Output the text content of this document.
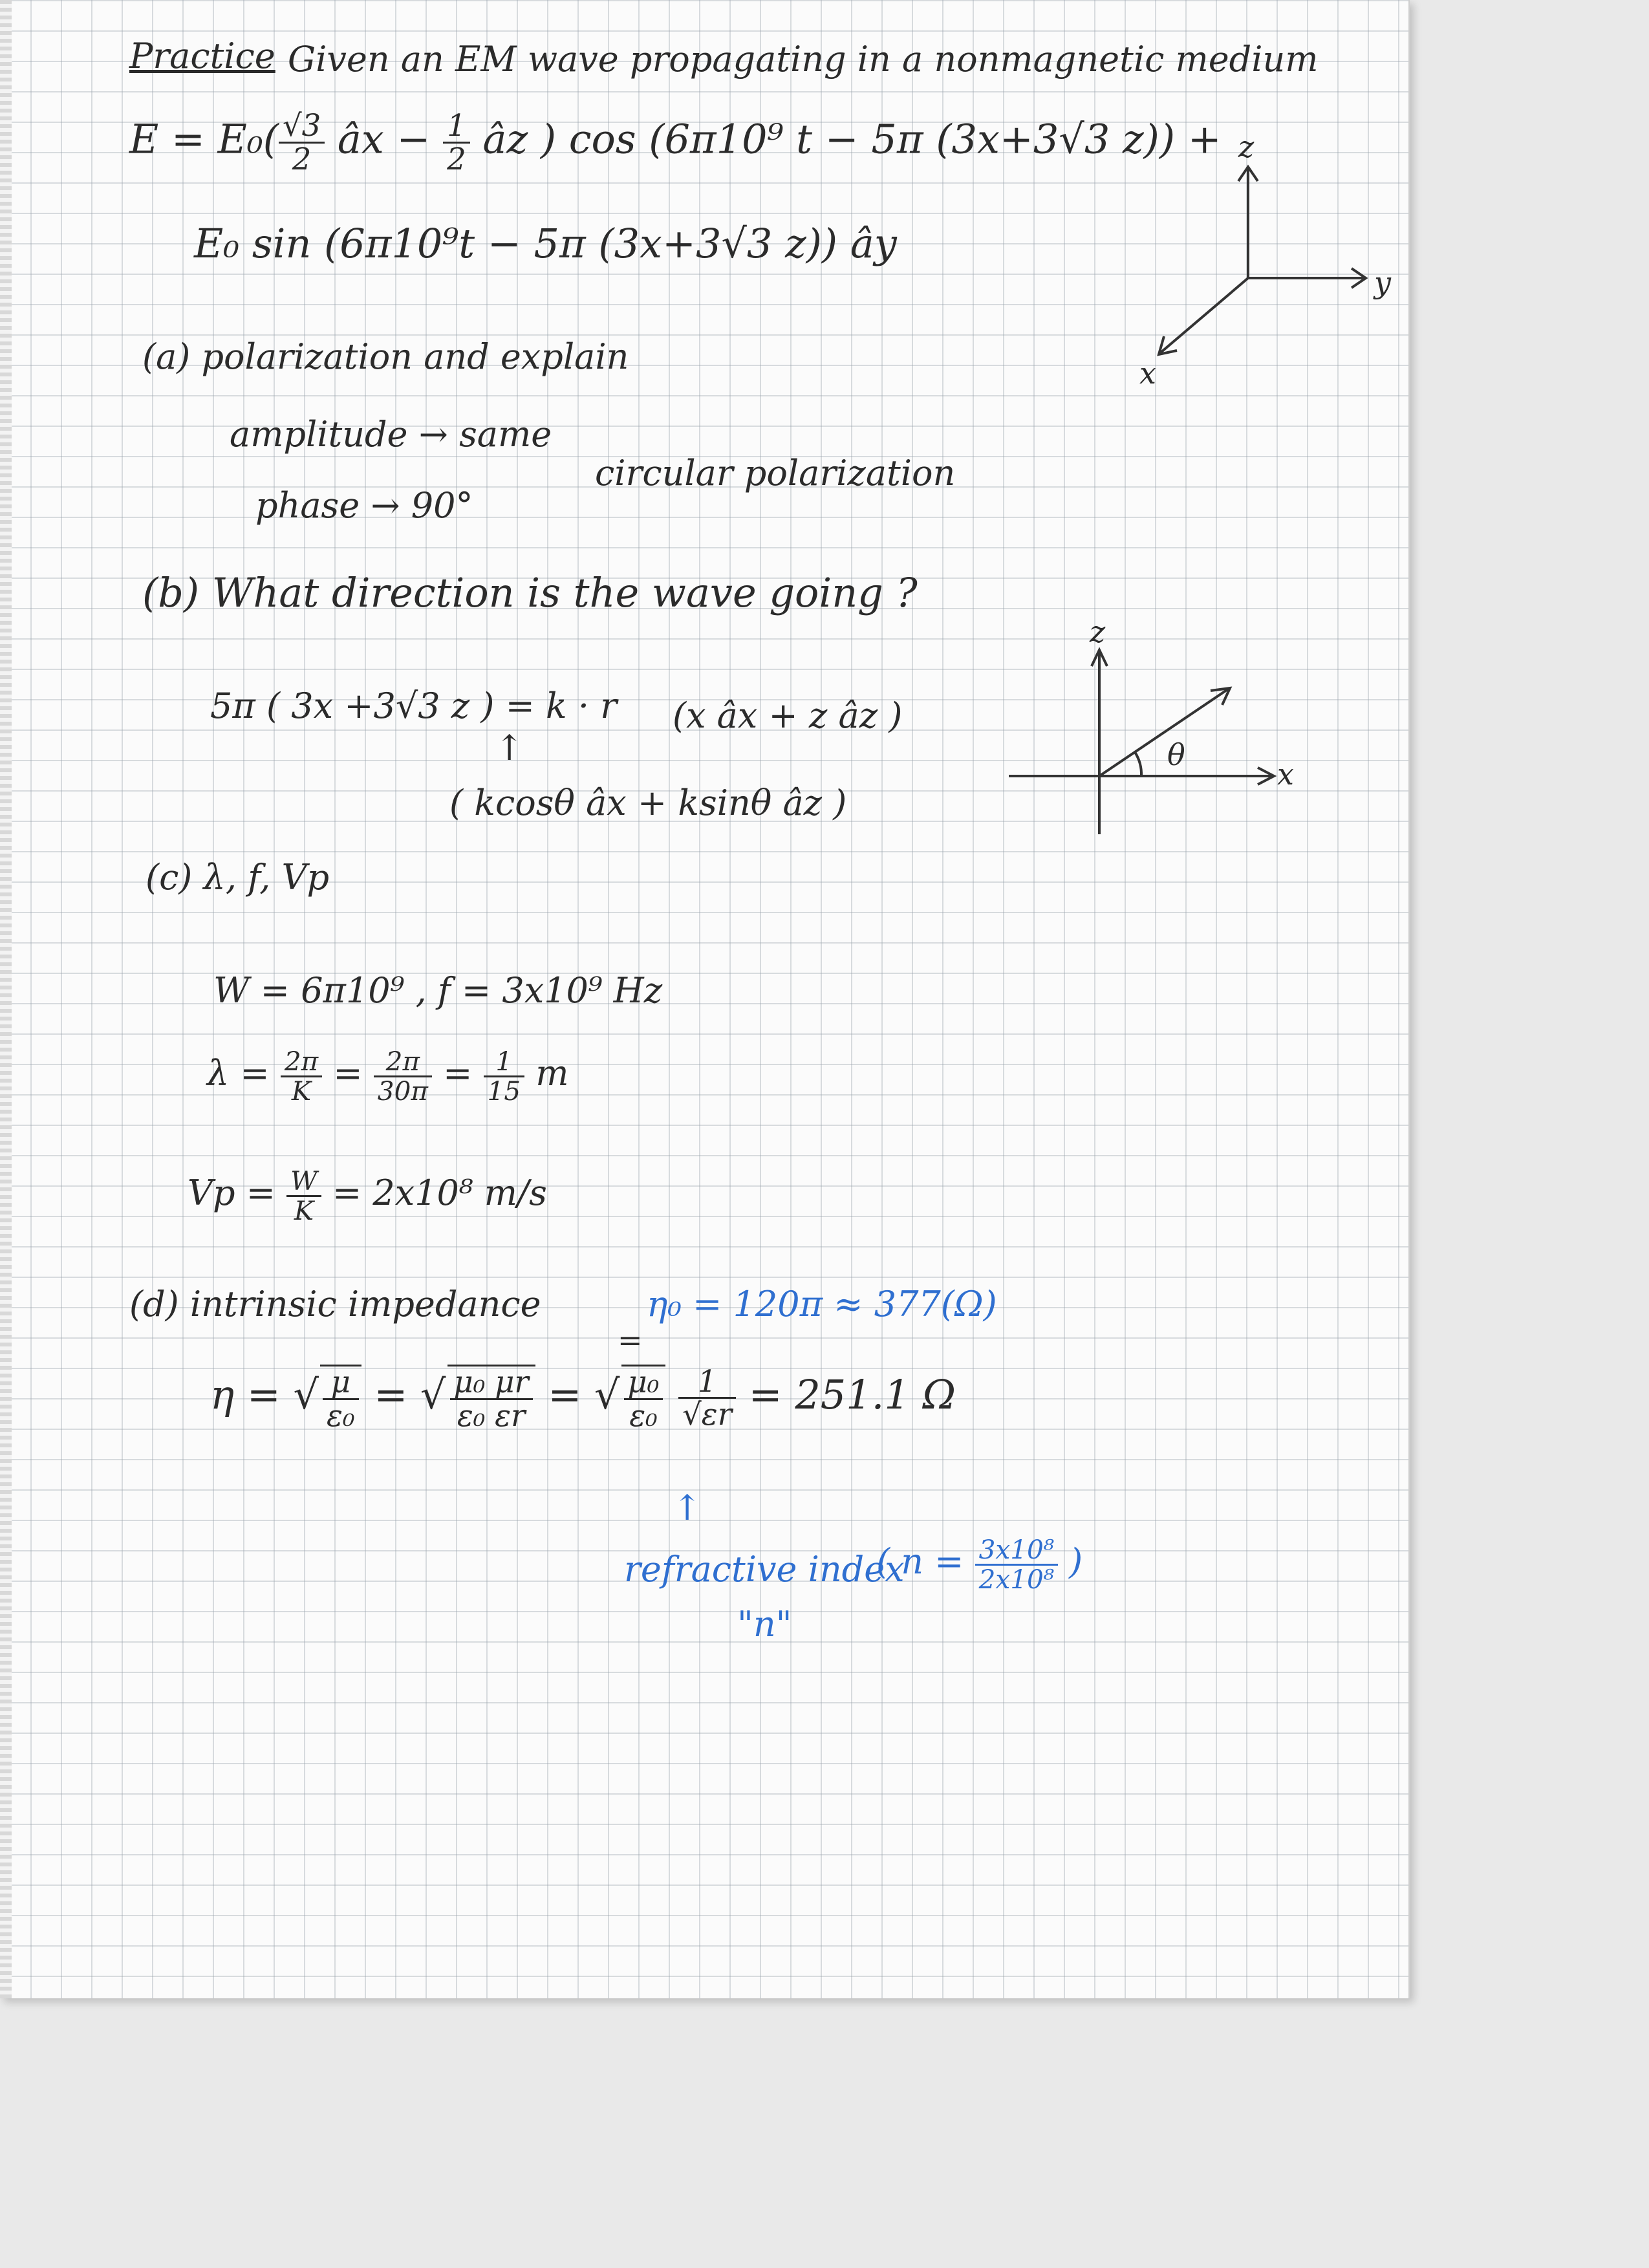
Practice Given an EM wave propagating in a nonmagnetic medium
$E = E_0( \frac{√3}{2}$ âx − $\frac{1}{2}$ âz ) cos (6π10⁹ t − 5π (3x+3√3 z)) +
E₀ sin (6π10⁹t − 5π (3x+3√3 z)) ây
z
y
x
(a) polarization and explain
amplitude → same
phase → 90°
circular polarization
(b) What direction is the wave going ?
5π ( 3x +3√3 z ) = k · r (x âx + z âz )
↑
( kcosθ âx + ksinθ âz )
z
x
θ
(c) λ, f, Vp
W = 6π10⁹ , f = 3x10⁹ Hz
$\lambda = \frac{2\pi}{K} = \frac{2\pi}{30\pi} = \frac{1}{15}$ m
$Vp = \frac{W}{K} = 2x10^8$ m/s
(d) intrinsic impedance	η₀ = 120π ≈ 377(Ω)
=
η = √ $\frac{\mu}{\text{ε₀}}$ = √ $\frac{\text{μ₀ μr}}{\text{ε₀ εr}}$ = √ $\frac{\text{μ₀}}{\text{ε₀}}$
$\frac{1}{√\varepsilon r} = 251.1$ Ω
↑
refractive index
"n"
( $n = \frac{\text{3x10⁸}}{\text{2x10⁸}}$ )
